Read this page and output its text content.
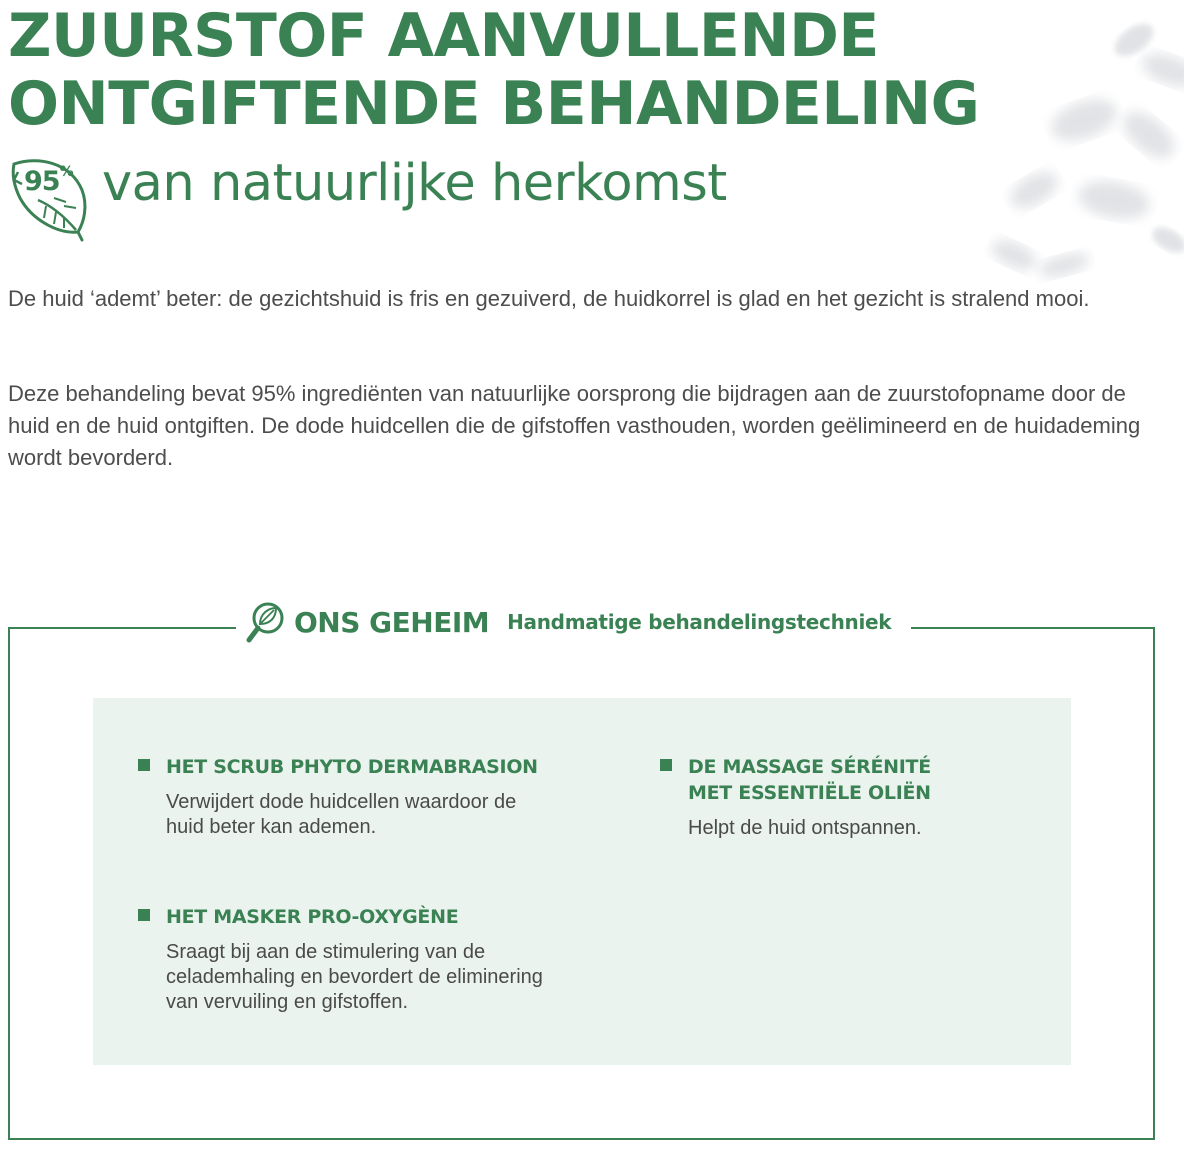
ZUURSTOF AANVULLENDE
ONTGIFTENDE BEHANDELING
95% van natuurlijke herkomst

De huid ‘ademt’ beter: de gezichtshuid is fris en gezuiverd, de huidkorrel is glad en het gezicht is stralend mooi.

Deze behandeling bevat 95% ingrediënten van natuurlijke oorsprong die bijdragen aan de zuurstofopname door de huid en de huid ontgiften. De dode huidcellen die de gifstoffen vasthouden, worden geëlimineerd en de huidademing wordt bevorderd.

ONS GEHEIM Handmatige behandelingstechniek
HET SCRUB PHYTO DERMABRASION

Verwijdert dode huidcellen waardoor de huid beter kan ademen.

DE MASSAGE SÉRÉNITÉ
MET ESSENTIËLE OLIËN

Helpt de huid ontspannen.

HET MASKER PRO-OXYGÈNE

Sraagt bij aan de stimulering van de celademhaling en bevordert de eliminering van vervuiling en gifstoffen.
